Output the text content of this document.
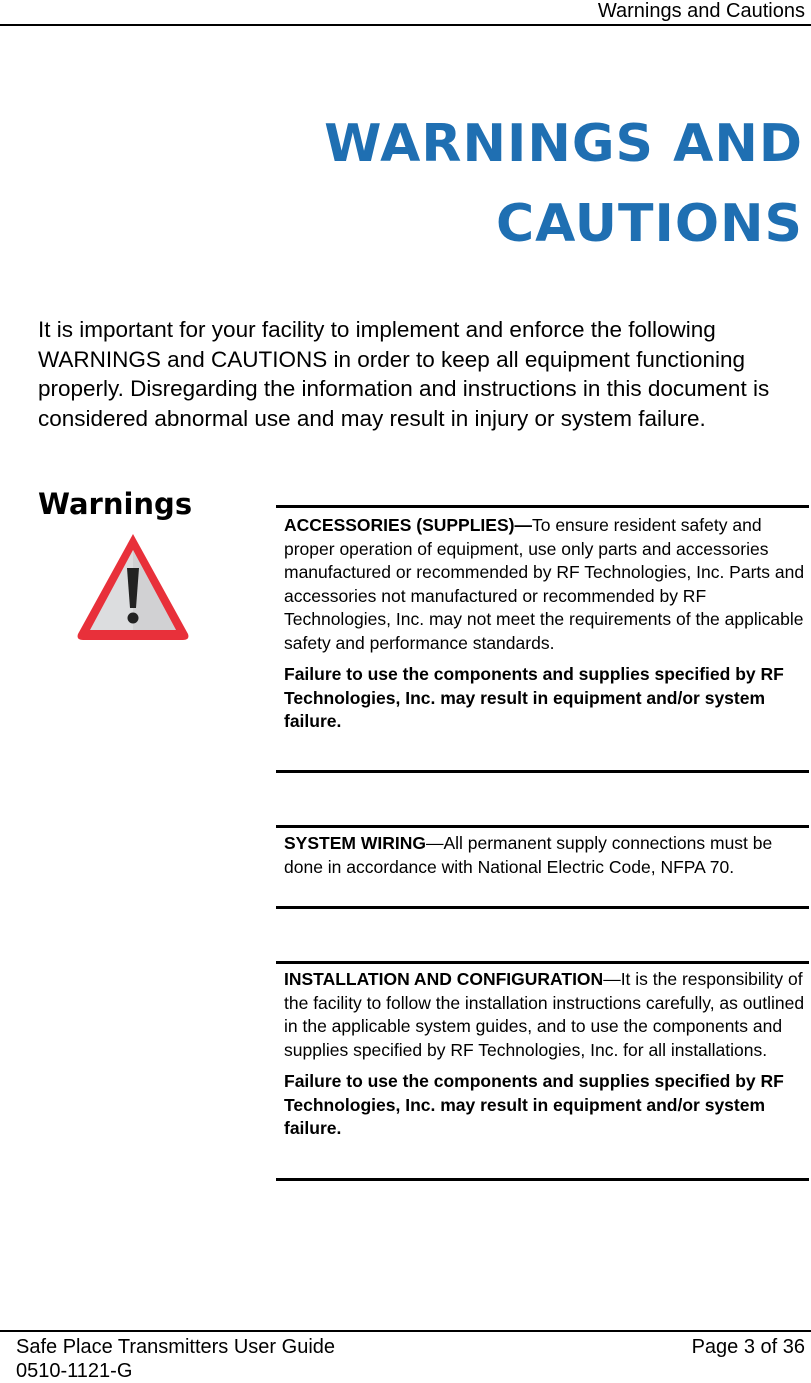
Warnings and Cautions
WARNINGS AND
CAUTIONS
It is important for your facility to implement and enforce the following WARNINGS and CAUTIONS in order to keep all equipment functioning properly. Disregarding the information and instructions in this document is considered abnormal use and may result in injury or system failure.
Warnings

ACCESSORIES (SUPPLIES)—To ensure resident safety and proper operation of equipment, use only parts and accessories manufactured or recommended by RF Technologies, Inc. Parts and accessories not manufactured or recommended by RF Technologies, Inc. may not meet the requirements of the applicable safety and performance standards.

Failure to use the components and supplies specified by RF Technologies, Inc. may result in equipment and/or system failure.

SYSTEM WIRING—All permanent supply connections must be done in accordance with National Electric Code, NFPA 70.

INSTALLATION AND CONFIGURATION—It is the responsibility of the facility to follow the installation instructions carefully, as outlined in the applicable system guides, and to use the components and supplies specified by RF Technologies, Inc. for all installations.

Failure to use the components and supplies specified by RF Technologies, Inc. may result in equipment and/or system failure.

Safe Place Transmitters User Guide
0510-1121-G
Page 3 of 36
